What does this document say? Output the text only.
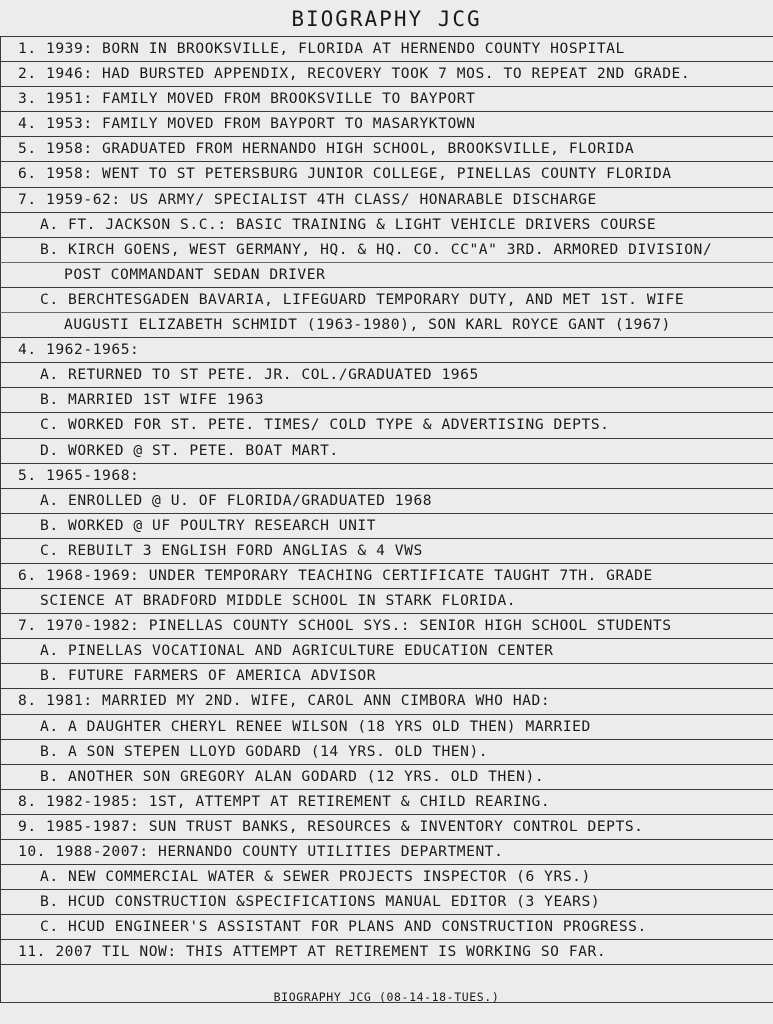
BIOGRAPHY JCG
1. 1939: BORN IN BROOKSVILLE, FLORIDA AT HERNENDO COUNTY HOSPITAL
2. 1946: HAD BURSTED APPENDIX, RECOVERY TOOK 7 MOS. TO REPEAT 2ND GRADE.
3. 1951: FAMILY MOVED FROM BROOKSVILLE TO BAYPORT
4. 1953: FAMILY MOVED FROM BAYPORT TO MASARYKTOWN
5. 1958: GRADUATED FROM HERNANDO HIGH SCHOOL, BROOKSVILLE, FLORIDA
6. 1958: WENT TO ST PETERSBURG JUNIOR COLLEGE, PINELLAS COUNTY FLORIDA
7. 1959-62: US ARMY/ SPECIALIST 4TH CLASS/ HONARABLE DISCHARGE
A. FT. JACKSON S.C.: BASIC TRAINING & LIGHT VEHICLE DRIVERS COURSE
B. KIRCH GOENS, WEST GERMANY, HQ. & HQ. CO. CC"A" 3RD. ARMORED DIVISION/
POST COMMANDANT SEDAN DRIVER
C. BERCHTESGADEN BAVARIA, LIFEGUARD TEMPORARY DUTY, AND MET 1ST. WIFE
AUGUSTI ELIZABETH SCHMIDT (1963-1980), SON KARL ROYCE GANT (1967)
4. 1962-1965:
A. RETURNED TO ST PETE. JR. COL./GRADUATED 1965
B. MARRIED 1ST WIFE 1963
C. WORKED FOR ST. PETE. TIMES/ COLD TYPE & ADVERTISING DEPTS.
D. WORKED @ ST. PETE. BOAT MART.
5. 1965-1968:
A. ENROLLED @ U. OF FLORIDA/GRADUATED 1968
B. WORKED @ UF POULTRY RESEARCH UNIT
C. REBUILT 3 ENGLISH FORD ANGLIAS & 4 VWS
6. 1968-1969: UNDER TEMPORARY TEACHING CERTIFICATE TAUGHT 7TH. GRADE
SCIENCE AT BRADFORD MIDDLE SCHOOL IN STARK FLORIDA.
7. 1970-1982: PINELLAS COUNTY SCHOOL SYS.: SENIOR HIGH SCHOOL STUDENTS
A. PINELLAS VOCATIONAL AND AGRICULTURE EDUCATION CENTER
B. FUTURE FARMERS OF AMERICA ADVISOR
8. 1981: MARRIED MY 2ND. WIFE, CAROL ANN CIMBORA WHO HAD:
A. A DAUGHTER CHERYL RENEE WILSON (18 YRS OLD THEN) MARRIED
B. A SON STEPEN LLOYD GODARD (14 YRS. OLD THEN).
B. ANOTHER SON GREGORY ALAN GODARD (12 YRS. OLD THEN).
8. 1982-1985: 1ST, ATTEMPT AT RETIREMENT & CHILD REARING.
9. 1985-1987: SUN TRUST BANKS, RESOURCES & INVENTORY CONTROL DEPTS.
10. 1988-2007: HERNANDO COUNTY UTILITIES DEPARTMENT.
A. NEW COMMERCIAL WATER & SEWER PROJECTS INSPECTOR (6 YRS.)
B. HCUD CONSTRUCTION &SPECIFICATIONS MANUAL EDITOR (3 YEARS)
C. HCUD ENGINEER'S ASSISTANT FOR PLANS AND CONSTRUCTION PROGRESS.
11. 2007 TIL NOW: THIS ATTEMPT AT RETIREMENT IS WORKING SO FAR.
BIOGRAPHY JCG (08-14-18-TUES.)
